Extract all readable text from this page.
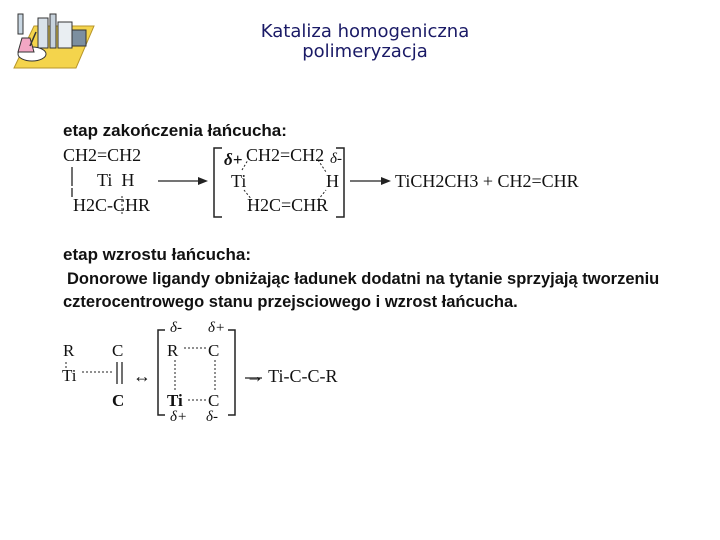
Kataliza homogeniczna
polimeryzacja
etap zakończenia łańcucha:
CH2=CH2
Ti  H
H2C-CHR
δ+ CH2=CH2 δ-
Ti	H
H2C=CHR
TiCH2CH3 + CH2=CHR
etap wzrostu łańcucha:
Donorowe ligandy obniżając ładunek dodatni na tytanie sprzyjają tworzeniu
czterocentrowego stanu przejsciowego i wzrost łańcucha.
R C
Ti
C
↔
δ- δ+
R C
Ti C
δ+ δ-
→ Ti-C-C-R
